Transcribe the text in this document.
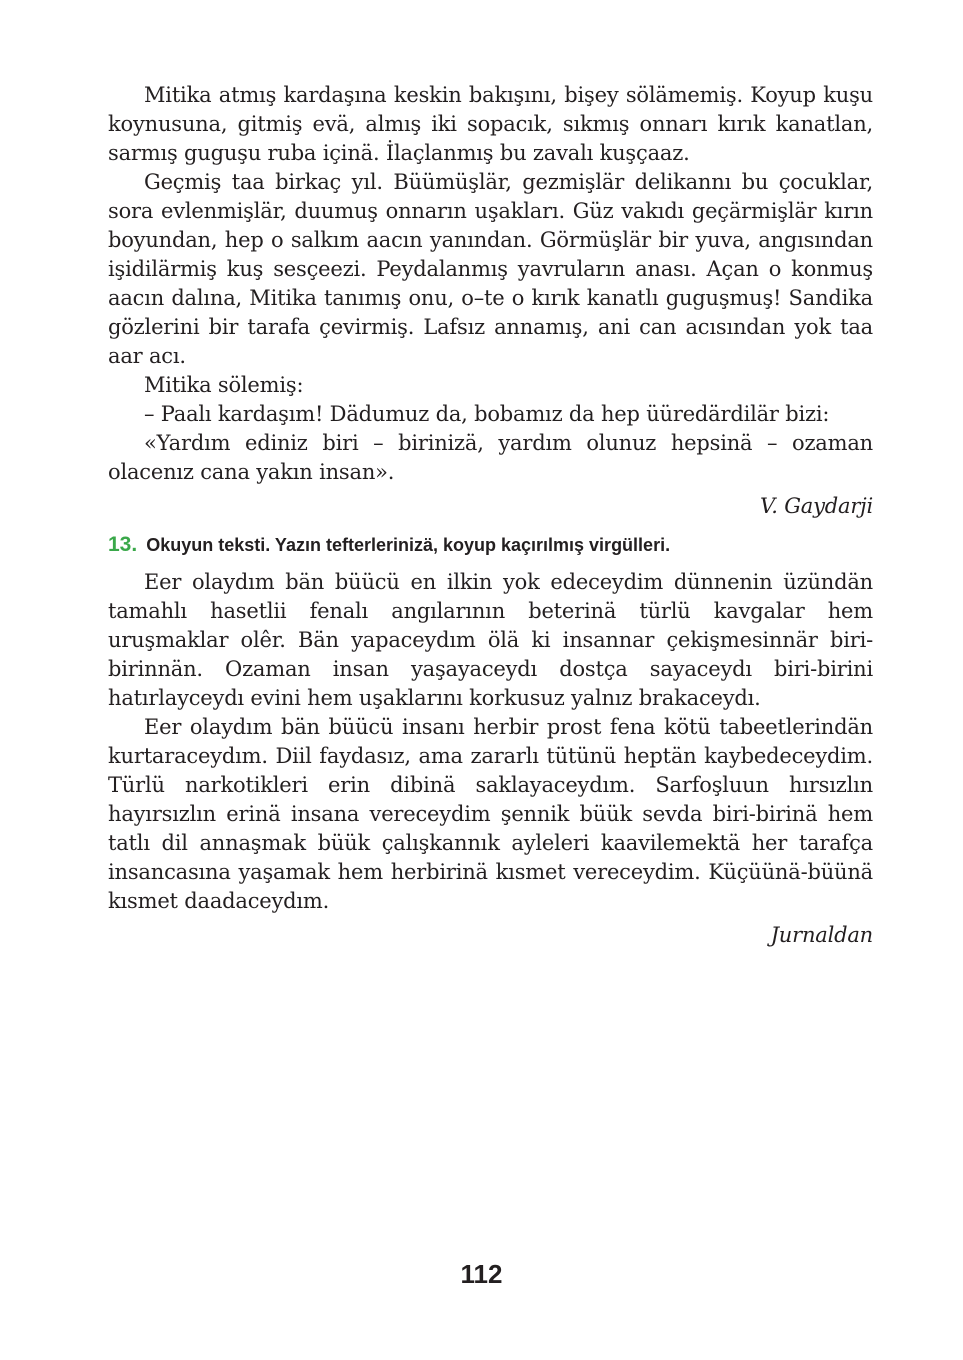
Mitika atmış kardaşına keskin bakışını, bişey sölämemiş. Koyup kuşu koynusuna, gitmiş evä, almış iki sopacık, sıkmış onnarı kırık kanatlan, sarmış guguşu ruba içinä. İlaçlanmış bu zavalı kuşçaaz.

Geçmiş taa birkaç yıl. Büümüşlär, gezmişlär delikannı bu çocuklar, sora evlenmişlär, duumuş onnarın uşakları. Güz vakıdı geçärmişlär kırın boyundan, hep o salkım aacın yanından. Görmüşlär bir yuva, angısından işidilärmiş kuş sesçeezi. Peydalanmış yavruların anası. Açan o konmuş aacın dalına, Mitika tanımış onu, o–te o kırık kanatlı guguşmuş! Sandika gözlerini bir tarafa çevirmiş. Lafsız annamış, ani can acısından yok taa aar acı.

Mitika sölemiş:

– Paalı kardaşım! Dädumuz da, bobamız da hep üüredärdilär bizi:

«Yardım ediniz biri – birinizä, yardım olunuz hepsinä – ozaman olacenız cana yakın insan».

V. Gaydarji

13. Okuyun teksti. Yazın tefterlerinizä, koyup kaçırılmış virgülleri.

Eer olaydım bän büücü en ilkin yok edeceydim dünnenin üzündän tamahlı hasetlii fenalı angılarının beterinä türlü kavgalar hem uruşmaklar olêr. Bän yapaceydım ölä ki insannar çekişmesinnär biri-birinnän. Ozaman insan yaşayaceydı dostça sayaceydı biri-birini hatırlayceydı evini hem uşaklarını korkusuz yalnız brakaceydı.

Eer olaydım bän büücü insanı herbir prost fena kötü tabeetlerindän kurtaraceydım. Diil faydasız, ama zararlı tütünü heptän kaybedeceydim. Türlü narkotikleri erin dibinä saklayaceydım. Sarfoşluun hırsızlın hayırsızlın erinä insana vereceydim şennik büük sevda biri-birinä hem tatlı dil annaşmak büük çalışkannık ayleleri kaavilemektä her tarafça insancasına yaşamak hem herbirinä kısmet vereceydim. Küçüünä-büünä kısmet daadaceydım.

Jurnaldan

112
